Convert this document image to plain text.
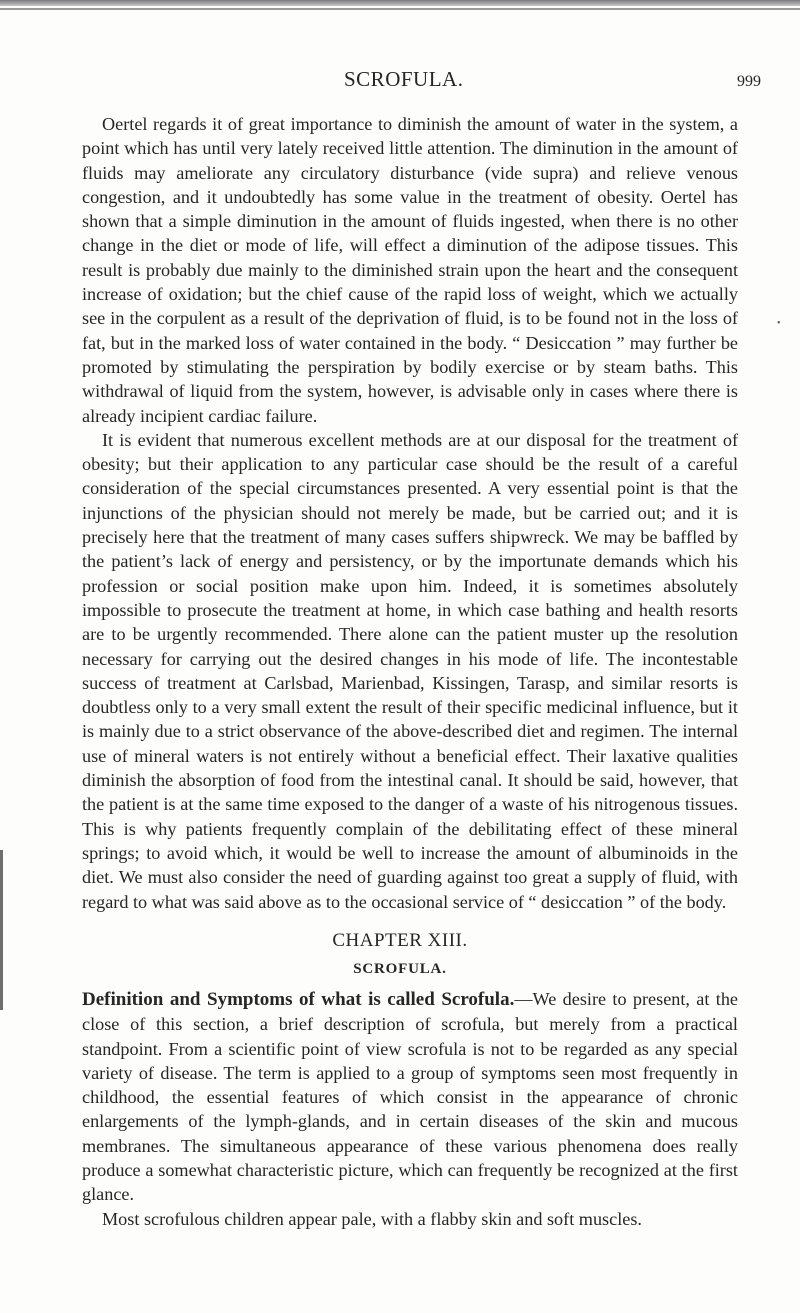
SCROFULA.	999
•

Oertel regards it of great importance to diminish the amount of water in the system, a point which has until very lately received little attention. The diminution in the amount of fluids may ameliorate any circulatory disturbance (vide supra) and relieve venous congestion, and it undoubtedly has some value in the treatment of obesity. Oertel has shown that a simple diminution in the amount of fluids ingested, when there is no other change in the diet or mode of life, will effect a diminution of the adipose tissues. This result is probably due mainly to the diminished strain upon the heart and the consequent increase of oxidation; but the chief cause of the rapid loss of weight, which we actually see in the corpulent as a result of the deprivation of fluid, is to be found not in the loss of fat, but in the marked loss of water contained in the body. “ Desiccation ” may further be promoted by stimulating the perspiration by bodily exercise or by steam baths. This withdrawal of liquid from the system, however, is advisable only in cases where there is already incipient cardiac failure.

It is evident that numerous excellent methods are at our disposal for the treatment of obesity; but their application to any particular case should be the result of a careful consideration of the special circumstances presented. A very essential point is that the injunctions of the physician should not merely be made, but be carried out; and it is precisely here that the treatment of many cases suffers shipwreck. We may be baffled by the patient’s lack of energy and persistency, or by the importunate demands which his profession or social position make upon him. Indeed, it is sometimes absolutely impossible to prosecute the treatment at home, in which case bathing and health resorts are to be urgently recommended. There alone can the patient muster up the resolution necessary for carrying out the desired changes in his mode of life. The incontestable success of treatment at Carlsbad, Marienbad, Kissingen, Tarasp, and similar resorts is doubtless only to a very small extent the result of their specific medicinal influence, but it is mainly due to a strict observance of the above-described diet and regimen. The internal use of mineral waters is not entirely without a beneficial effect. Their laxative qualities diminish the absorption of food from the intestinal canal. It should be said, however, that the patient is at the same time exposed to the danger of a waste of his nitrogenous tissues. This is why patients frequently complain of the debilitating effect of these mineral springs; to avoid which, it would be well to increase the amount of albuminoids in the diet. We must also consider the need of guarding against too great a supply of fluid, with regard to what was said above as to the occasional service of “ desiccation ” of the body.

CHAPTER XIII.
SCROFULA.

Definition and Symptoms of what is called Scrofula.—We desire to present, at the close of this section, a brief description of scrofula, but merely from a practical standpoint. From a scientific point of view scrofula is not to be regarded as any special variety of disease. The term is applied to a group of symptoms seen most frequently in childhood, the essential features of which consist in the appearance of chronic enlargements of the lymph-glands, and in certain diseases of the skin and mucous membranes. The simultaneous appearance of these various phenomena does really produce a somewhat characteristic picture, which can frequently be recognized at the first glance.

Most scrofulous children appear pale, with a flabby skin and soft muscles.
